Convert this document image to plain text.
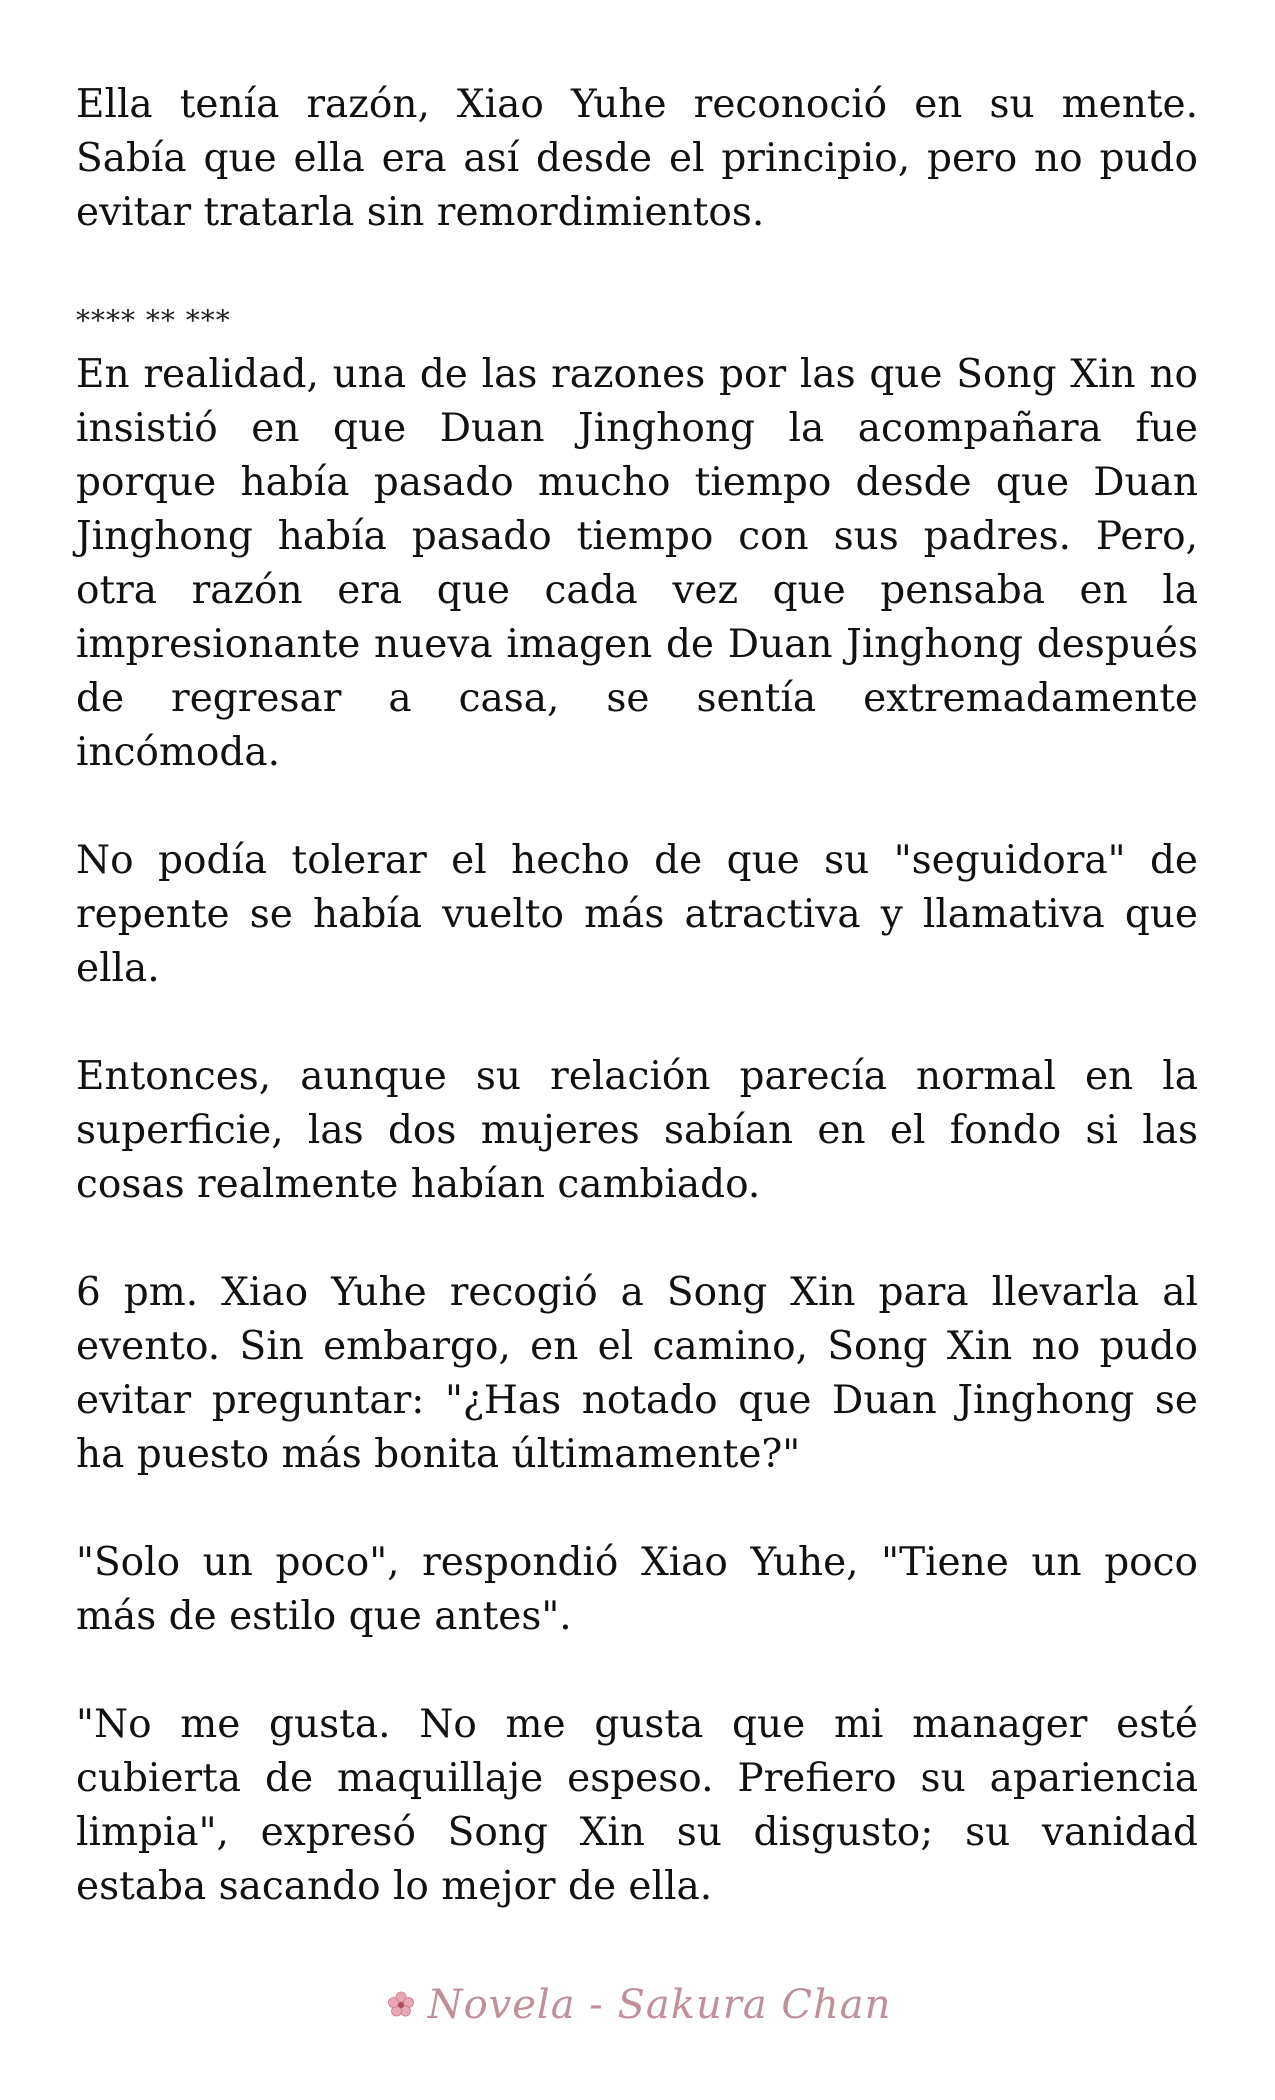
Ella tenía razón, Xiao Yuhe reconoció en su mente. Sabía que ella era así desde el principio, pero no pudo evitar tratarla sin remordimientos.

**** ** ***

En realidad, una de las razones por las que Song Xin no insistió en que Duan Jinghong la acompañara fue porque había pasado mucho tiempo desde que Duan Jinghong había pasado tiempo con sus padres. Pero, otra razón era que cada vez que pensaba en la impresionante nueva imagen de Duan Jinghong después de regresar a casa, se sentía extremadamente incómoda.

No podía tolerar el hecho de que su "seguidora" de repente se había vuelto más atractiva y llamativa que ella.

Entonces, aunque su relación parecía normal en la superficie, las dos mujeres sabían en el fondo si las cosas realmente habían cambiado.

6 pm. Xiao Yuhe recogió a Song Xin para llevarla al evento. Sin embargo, en el camino, Song Xin no pudo evitar preguntar: "¿Has notado que Duan Jinghong se ha puesto más bonita últimamente?"

"Solo un poco", respondió Xiao Yuhe, "Tiene un poco más de estilo que antes".

"No me gusta. No me gusta que mi manager esté cubierta de maquillaje espeso. Prefiero su apariencia limpia", expresó Song Xin su disgusto; su vanidad estaba sacando lo mejor de ella.

Novela - Sakura Chan
